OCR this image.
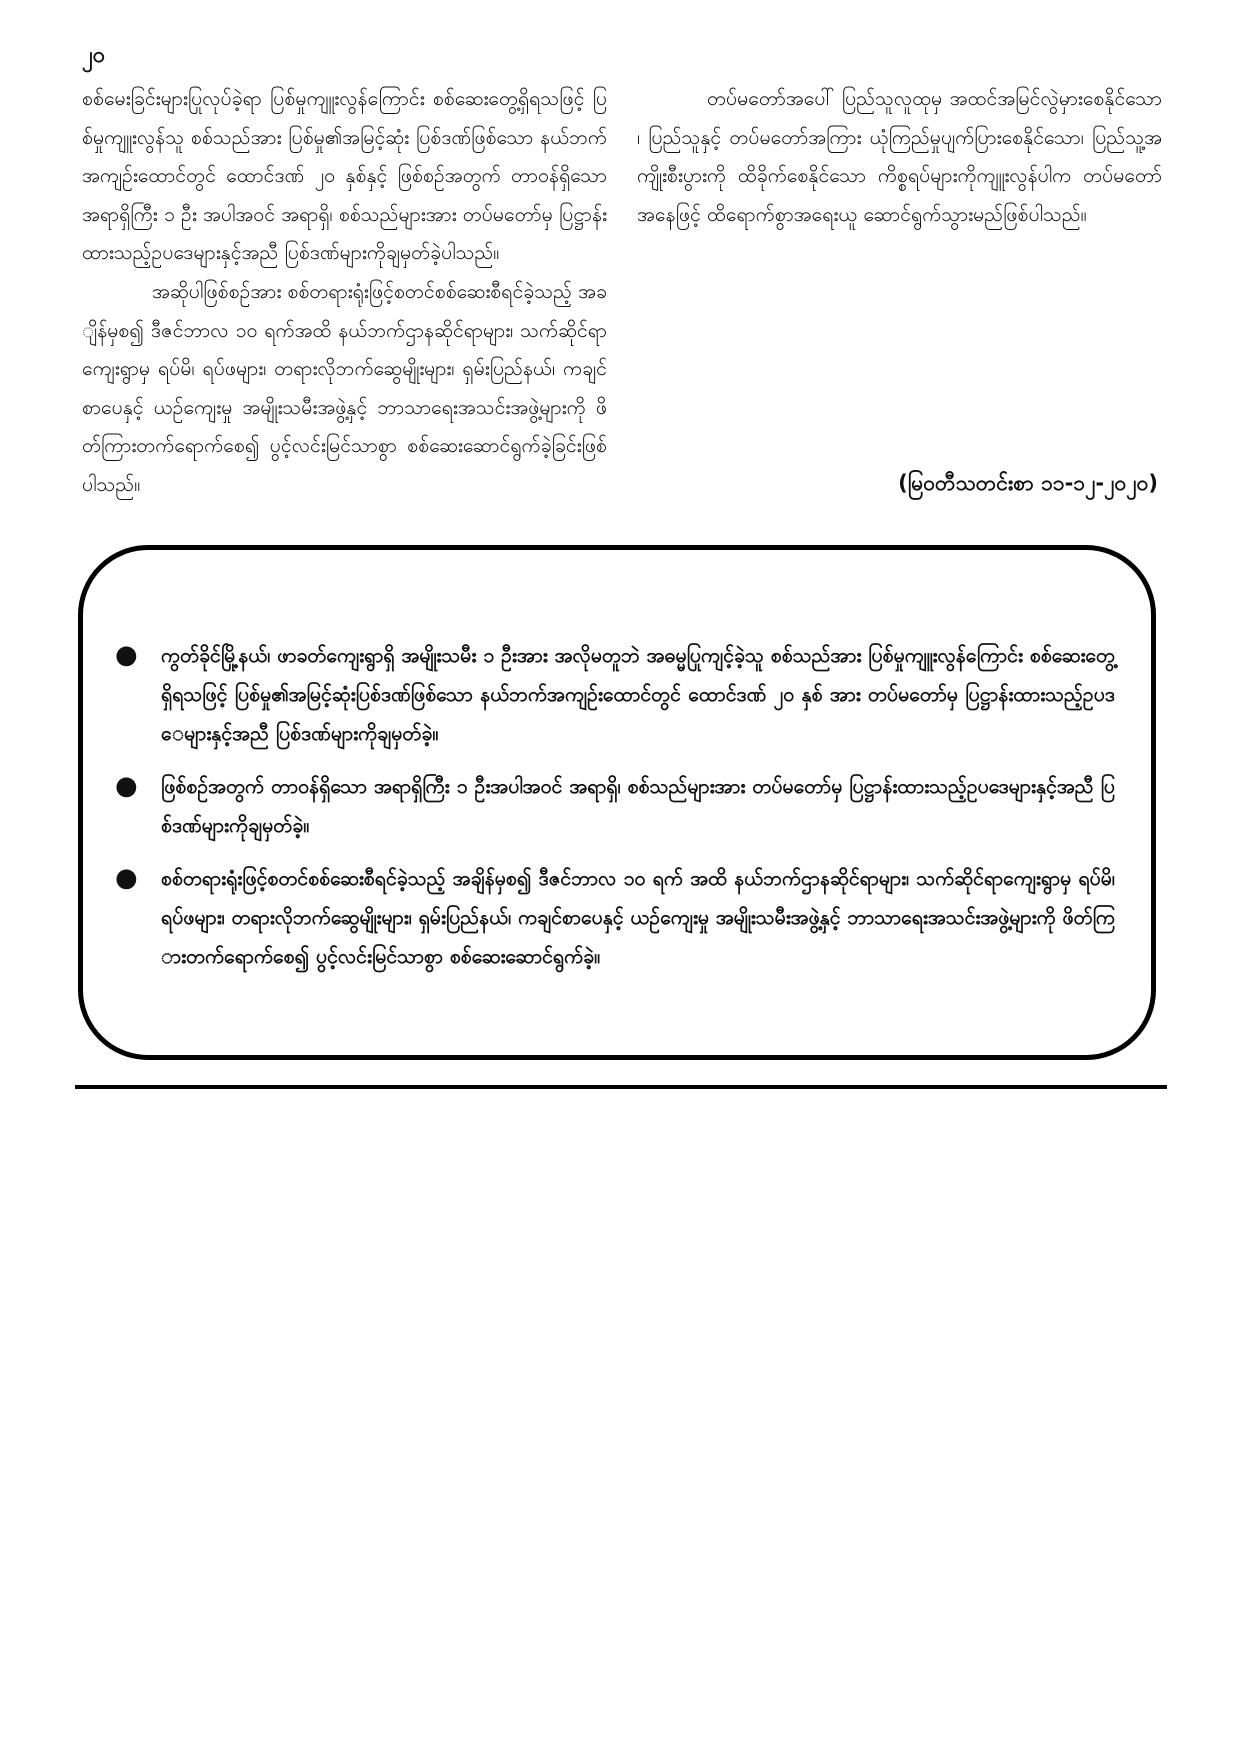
၂၀

စစ်မေးခြင်းများပြုလုပ်ခဲ့ရာ ပြစ်မှုကျူးလွန်ကြောင်း စစ်ဆေးတွေ့ရှိရသဖြင့် ပြစ်မှုကျူးလွန်သူ စစ်သည်အား ပြစ်မှု၏အမြင့်ဆုံး ပြစ်ဒဏ်ဖြစ်သော နယ်ဘက်အကျဉ်းထောင်တွင် ထောင်ဒဏ် ၂၀ နှစ်နှင့် ဖြစ်စဉ်အတွက် တာဝန်ရှိသော အရာရှိကြီး ၁ ဦး အပါအဝင် အရာရှိ၊ စစ်သည်များအား တပ်မတော်မှ ပြဋ္ဌာန်းထားသည့်ဥပဒေများနှင့်အညီ ပြစ်ဒဏ်များကိုချမှတ်ခဲ့ပါသည်။

အဆိုပါဖြစ်စဉ်အား စစ်တရားရုံးဖြင့်စတင်စစ်ဆေးစီရင်ခဲ့သည့် အချိန်မှစ၍ ဒီဇင်ဘာလ ၁၀ ရက်အထိ နယ်ဘက်ဌာနဆိုင်ရာများ၊ သက်ဆိုင်ရာကျေးရွာမှ ရပ်မိ၊ ရပ်ဖများ၊ တရားလိုဘက်ဆွေမျိုးများ၊ ရှမ်းပြည်နယ်၊ ကချင်စာပေနှင့် ယဉ်ကျေးမှု အမျိုးသမီးအဖွဲ့နှင့် ဘာသာရေးအသင်းအဖွဲ့များကို ဖိတ်ကြားတက်ရောက်စေ၍ ပွင့်လင်းမြင်သာစွာ စစ်ဆေးဆောင်ရွက်ခဲ့ခြင်းဖြစ်ပါသည်။

တပ်မတော်အပေါ် ပြည်သူလူထုမှ အထင်အမြင်လွဲမှားစေနိုင်သော၊ ပြည်သူနှင့် တပ်မတော်အကြား ယုံကြည်မှုပျက်ပြားစေနိုင်သော၊ ပြည်သူ့အကျိုးစီးပွားကို ထိခိုက်စေနိုင်သော ကိစ္စရပ်များကိုကျူးလွန်ပါက တပ်မတော်အနေဖြင့် ထိရောက်စွာအရေးယူ ဆောင်ရွက်သွားမည်ဖြစ်ပါသည်။

(မြဝတီသတင်းစာ ၁၁-၁၂-၂၀၂၀)
●	ကွတ်ခိုင်မြို့နယ်၊ ဖာခတ်ကျေးရွာရှိ အမျိုးသမီး ၁ ဦးအား အလိုမတူဘဲ အဓမ္မပြုကျင့်ခဲ့သူ စစ်သည်အား ပြစ်မှုကျူးလွန်ကြောင်း စစ်ဆေးတွေ့ရှိရသဖြင့် ပြစ်မှု၏အမြင့်ဆုံးပြစ်ဒဏ်ဖြစ်သော နယ်ဘက်အကျဉ်းထောင်တွင် ထောင်ဒဏ် ၂၀ နှစ် အား တပ်မတော်မှ ပြဋ္ဌာန်းထားသည့်ဥပဒေများနှင့်အညီ ပြစ်ဒဏ်များကိုချမှတ်ခဲ့။
●	ဖြစ်စဉ်အတွက် တာဝန်ရှိသော အရာရှိကြီး ၁ ဦးအပါအဝင် အရာရှိ၊ စစ်သည်များအား တပ်မတော်မှ ပြဋ္ဌာန်းထားသည့်ဥပဒေများနှင့်အညီ ပြစ်ဒဏ်များကိုချမှတ်ခဲ့။
●	စစ်တရားရုံးဖြင့်စတင်စစ်ဆေးစီရင်ခဲ့သည့် အချိန်မှစ၍ ဒီဇင်ဘာလ ၁၀ ရက် အထိ နယ်ဘက်ဌာနဆိုင်ရာများ၊ သက်ဆိုင်ရာကျေးရွာမှ ရပ်မိ၊ ရပ်ဖများ၊ တရားလိုဘက်ဆွေမျိုးများ၊ ရှမ်းပြည်နယ်၊ ကချင်စာပေနှင့် ယဉ်ကျေးမှု အမျိုးသမီးအဖွဲ့နှင့် ဘာသာရေးအသင်းအဖွဲ့များကို ဖိတ်ကြားတက်ရောက်စေ၍ ပွင့်လင်းမြင်သာစွာ စစ်ဆေးဆောင်ရွက်ခဲ့။
